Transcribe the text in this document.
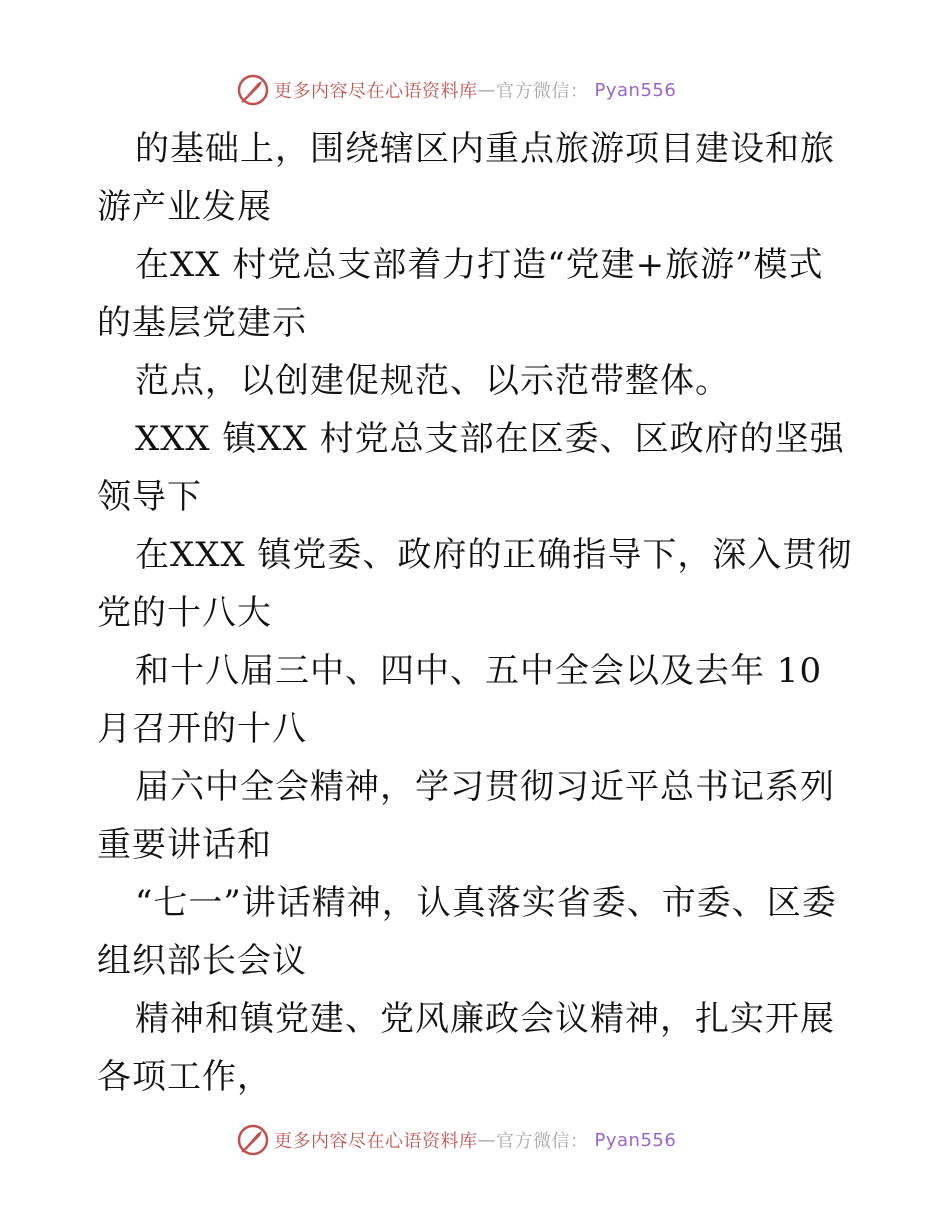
更多内容尽在心语资料库 — 官方微信： Pyan556

的基础上，围绕辖区内重点旅游项目建设和旅游产业发展

在XX 村党总支部着力打造“党建+旅游”模式的基层党建示

范点，以创建促规范、以示范带整体。

XXX 镇XX 村党总支部在区委、区政府的坚强领导下

在XXX 镇党委、政府的正确指导下，深入贯彻党的十八大

和十八届三中、四中、五中全会以及去年 10 月召开的十八

届六中全会精神，学习贯彻习近平总书记系列重要讲话和

“七一”讲话精神，认真落实省委、市委、区委组织部长会议

精神和镇党建、党风廉政会议精神，扎实开展各项工作，

更多内容尽在心语资料库 — 官方微信： Pyan556
